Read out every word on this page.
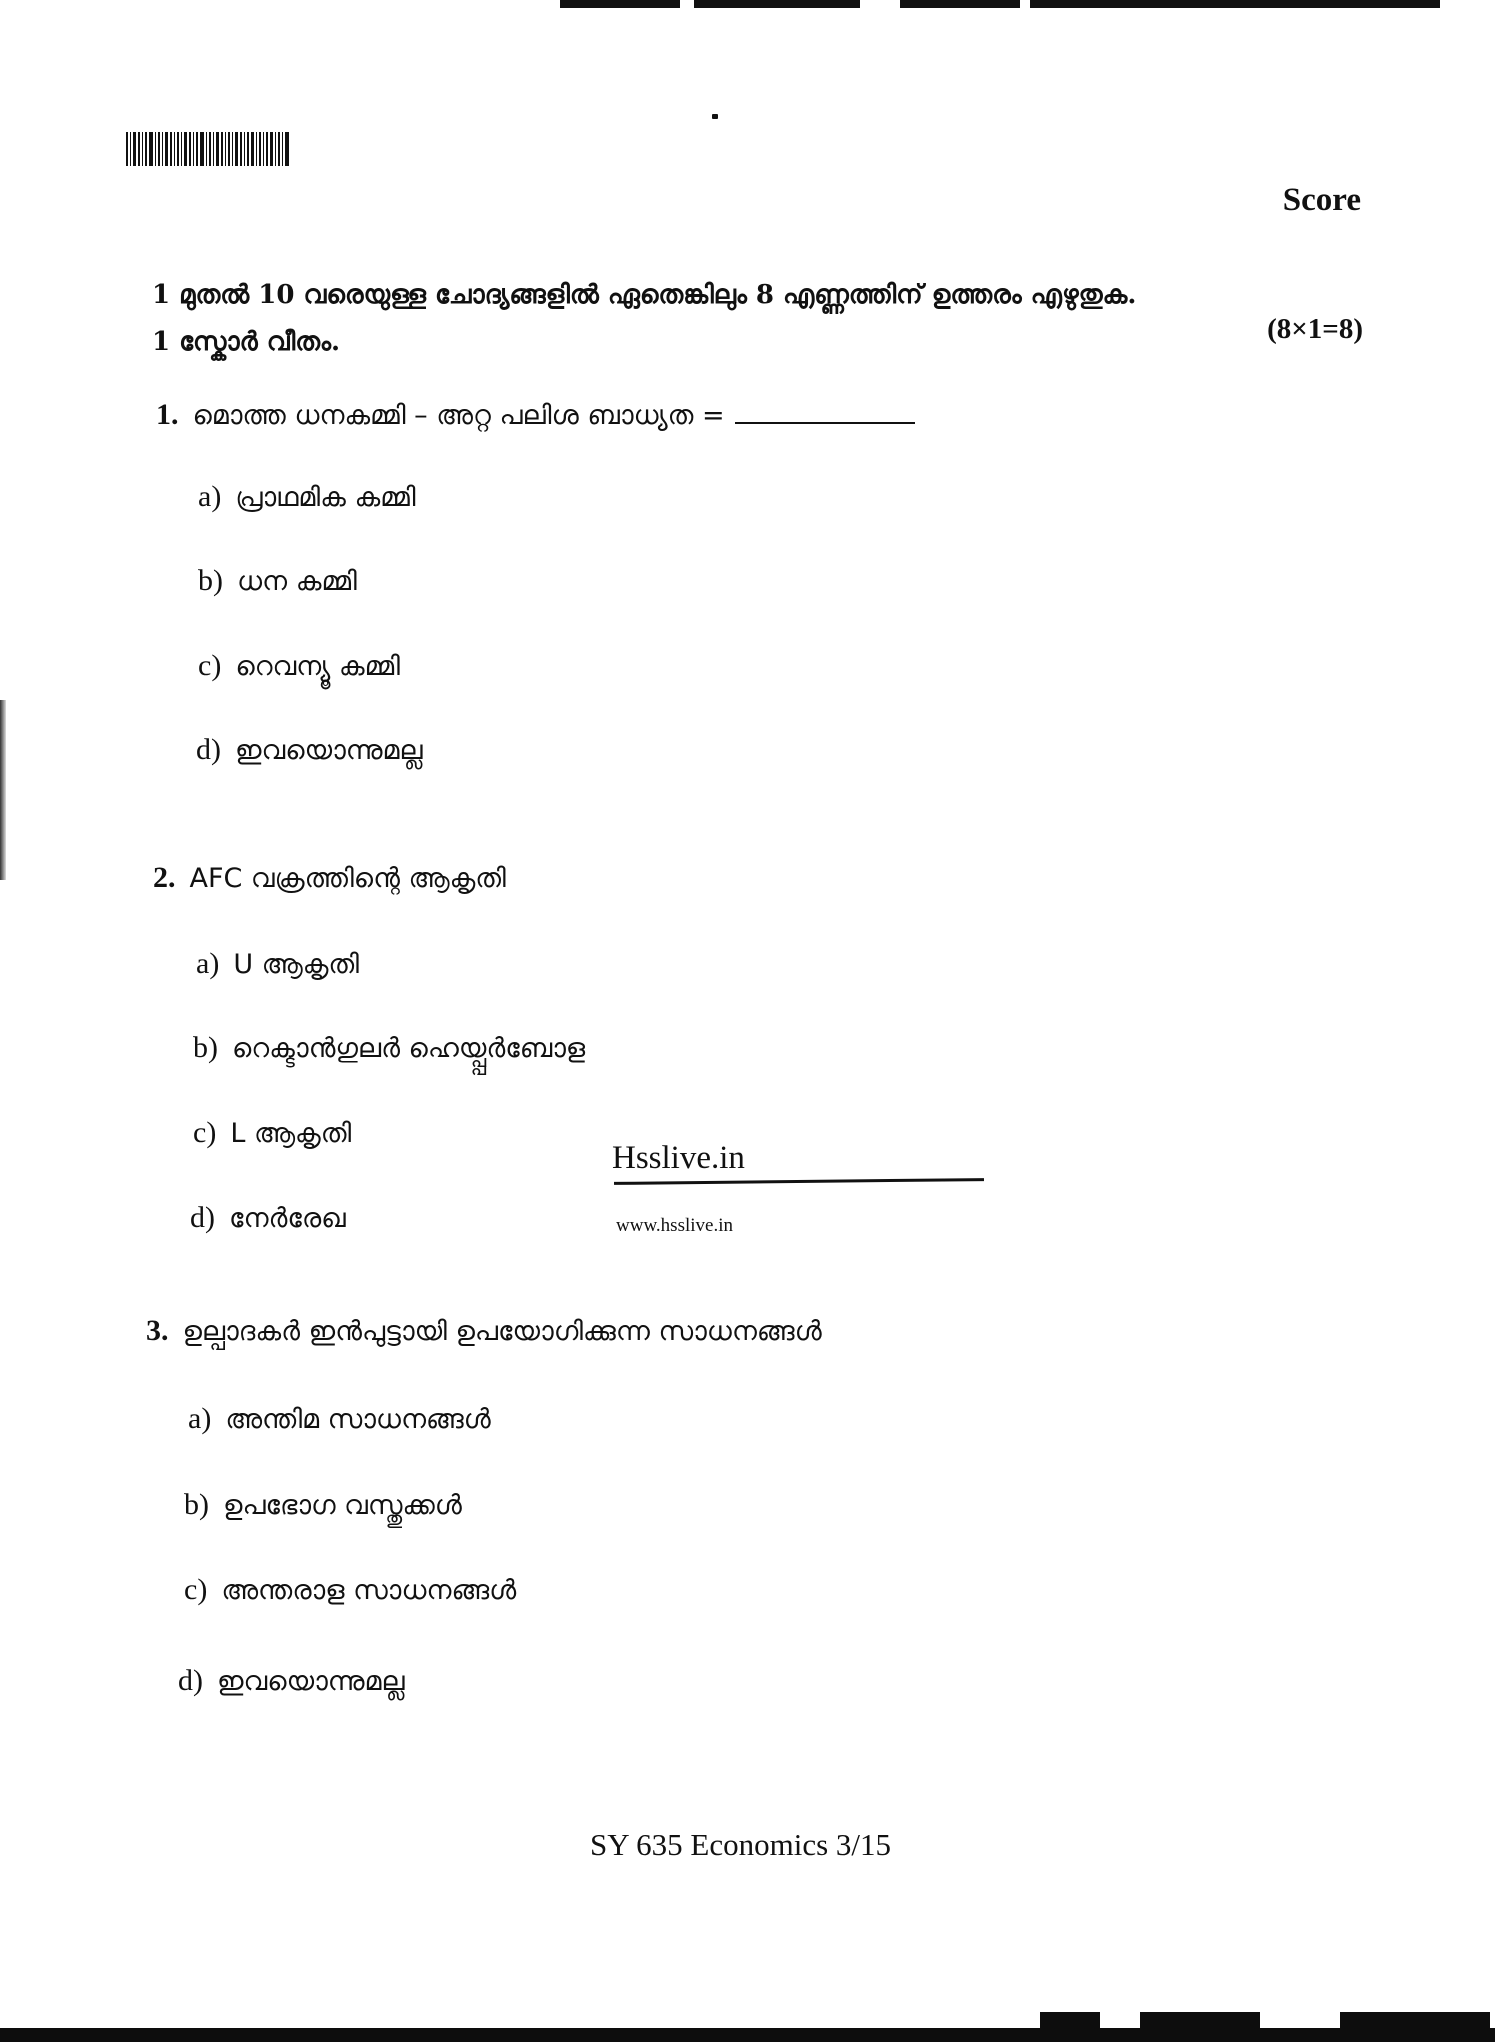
Score
1 മുതൽ 10 വരെയുള്ള ചോദ്യങ്ങളിൽ ഏതെങ്കിലും 8 എണ്ണത്തിന് ഉത്തരം എഴുതുക.
1 സ്കോർ വീതം.	(8×1=8)
1. മൊത്ത ധനകമ്മി – അറ്റ പലിശ ബാധ്യത =
a) പ്രാഥമിക കമ്മി
b) ധന കമ്മി
c) റെവന്യൂ കമ്മി
d) ഇവയൊന്നുമല്ല
2. AFC വക്രത്തിന്റെ ആകൃതി
a) U ആകൃതി
b) റെക്ടാൻഗുലർ ഹെയ്പ്പർബോള
c) L ആകൃതി
d) നേർരേഖ
Hsslive.in
www.hsslive.in
3. ഉല്പാദകർ ഇൻപുട്ടായി ഉപയോഗിക്കുന്ന സാധനങ്ങൾ
a) അന്തിമ സാധനങ്ങൾ
b) ഉപഭോഗ വസ്തുക്കൾ
c) അന്തരാള സാധനങ്ങൾ
d) ഇവയൊന്നുമല്ല
SY 635 Economics 3/15
